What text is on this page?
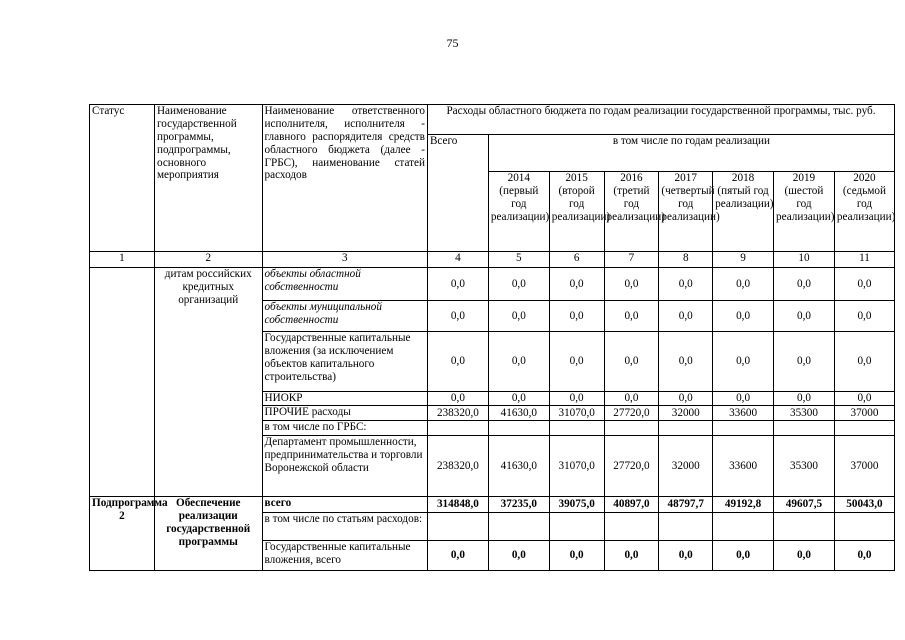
75
Статус	Наименование государственной программы, подпрограммы, основного мероприятия	Наименование ответственного исполнителя, исполнителя - главного распорядителя средств областного бюджета (далее - ГРБС), наименование статей расходов	Расходы областного бюджета по годам реализации государственной программы, тыс. руб.							
			Всего	в том числе по годам реализации						
				2014 (первый год реализации)	2015 (второй год реализации)	2016 (третий год реализации)	2017 (четвертый год реализации)	2018 (пятый год реализации)	2019 (шестой год реализации)	2020 (седьмой год реализации)
1	2	3	4	5	6	7	8	9	10	11
	дитам российских кредитных организаций	объекты областной собственности	0,0	0,0	0,0	0,0	0,0	0,0	0,0	0,0
		объекты муниципальной собственности	0,0	0,0	0,0	0,0	0,0	0,0	0,0	0,0
		Государственные капитальные вложения (за исключением объектов капитального строительства)	0,0	0,0	0,0	0,0	0,0	0,0	0,0	0,0
		НИОКР	0,0	0,0	0,0	0,0	0,0	0,0	0,0	0,0
		ПРОЧИЕ расходы	238320,0	41630,0	31070,0	27720,0	32000	33600	35300	37000
		в том числе по ГРБС:								
		Департамент промышленности, предпринимательства и торговли Воронежской области	238320,0	41630,0	31070,0	27720,0	32000	33600	35300	37000
Подпрограмма 2	Обеспечение реализации государственной программы	всего	314848,0	37235,0	39075,0	40897,0	48797,7	49192,8	49607,5	50043,0
		в том числе по статьям расходов:								
		Государственные капитальные вложения, всего	0,0	0,0	0,0	0,0	0,0	0,0	0,0	0,0
